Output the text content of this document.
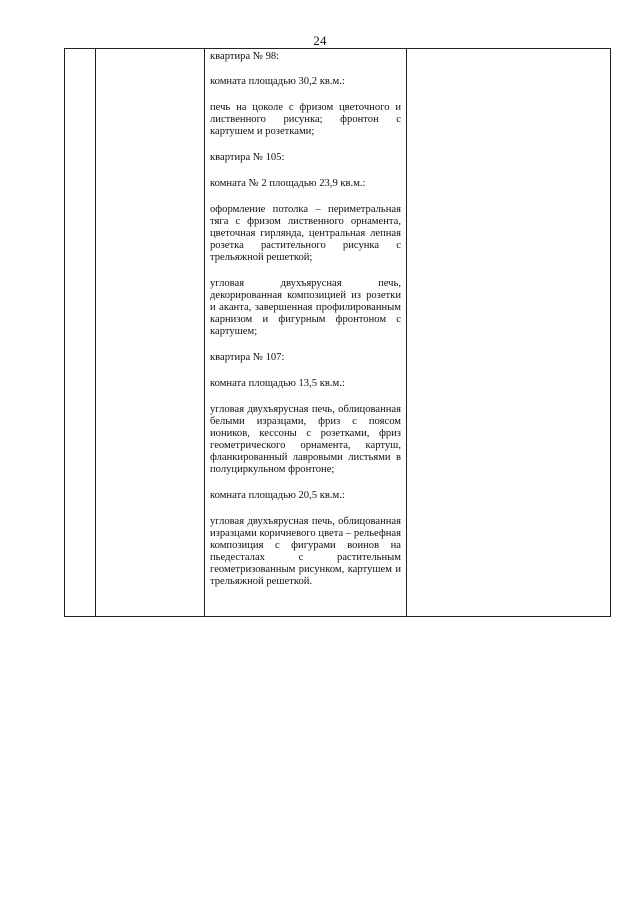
24

квартира № 98:

комната площадью 30,2 кв.м.:

печь на цоколе с фризом цветочного и лиственного рисунка; фронтон с картушем и розетками;

квартира № 105:

комната № 2 площадью 23,9 кв.м.:

оформление потолка – периметральная тяга с фризом лиственного орнамента, цветочная гирлянда, центральная лепная розетка растительного рисунка с трельяжной решеткой;

угловая двухъярусная печь, декорированная композицией из розетки и аканта, завершенная профилированным карнизом и фигурным фронтоном с картушем;

квартира № 107:

комната площадью 13,5 кв.м.:

угловая двухъярусная печь, облицованная белыми изразцами, фриз с поясом иоников, кессоны с розетками, фриз геометрического орнамента, картуш, фланкированный лавровыми листьями в полуциркульном фронтоне;

комната площадью 20,5 кв.м.:

угловая двухъярусная печь, облицованная изразцами коричневого цвета – рельефная композиция с фигурами воинов на пьедесталах с растительным геометризованным рисунком, картушем и трельяжной решеткой.
